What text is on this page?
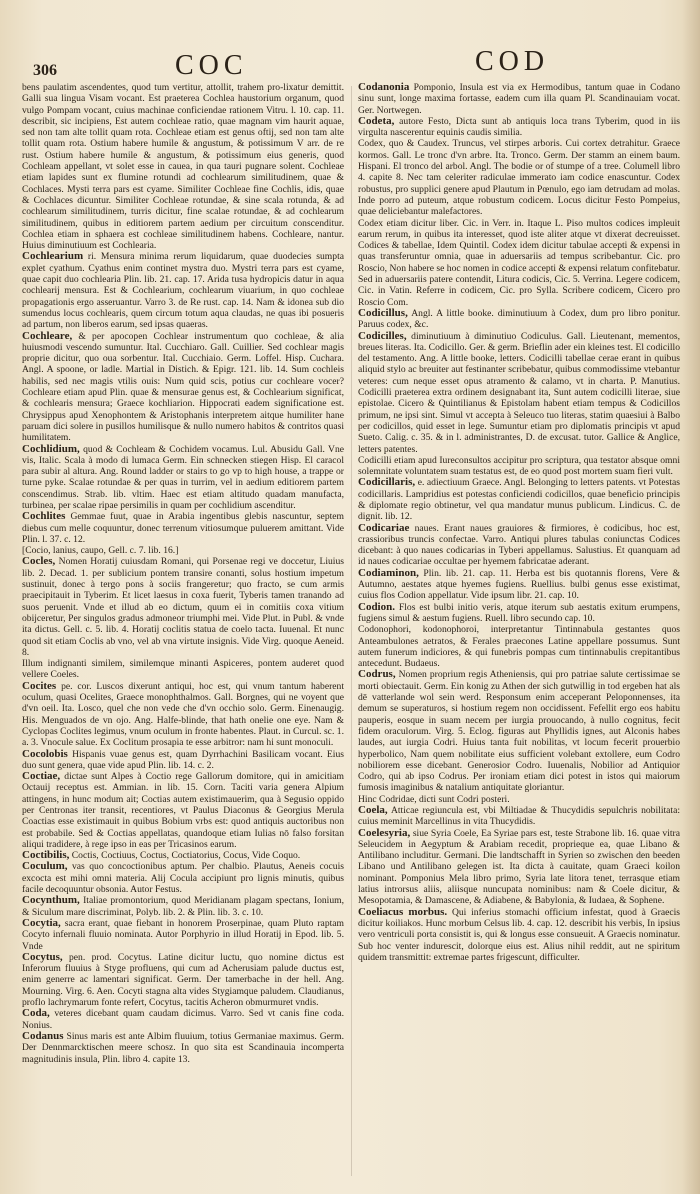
306	COC	COD
bens paulatim ascendentes, quod tum vertitur, attollit, trahem pro-lixatur demittit. Galli sua lingua Visam vocant. Est praeterea Cochlea haustorium organum, quod vulgo Pompam vocant, cuius machinae conficiendae rationem Vitru. l. 10. cap. 11. describit, sic incipiens, Est autem cochleae ratio, quae magnam vim haurit aquae, sed non tam alte tollit quam rota. Cochleae etiam est genus oftij, sed non tam alte tollit quam rota. Ostium habere humile & angustum, & potissimum V arr. de re rust. Ostium habere humile & angustum, & potissimum eius generis, quod Cochleam appellant, vt solet esse in cauea, in qua tauri pugnare solent. Cochleae etiam lapides sunt ex flumine rotundi ad cochlearum similitudinem, quae & Cochlaces. Mysti terra pars est cyame. Similiter Cochleae fine Cochlis, idis, quae & Cochlaces dicuntur. Similiter Cochleae rotundae, & sine scala rotunda, & ad cochlearum similitudinem, turris dicitur, fine scalae rotundae, & ad cochlearum similitudinem, quibus in editiorem partem aedium per circuitum conscenditur. Cochlea etiam in sphaera est cochleae similitudinem habens. Cochleare, nantur. Huius diminutiuum est Cochlearia.
Cochlearium ri. Mensura minima rerum liquidarum, quae duodecies sumpta explet cyathum. Cyathus enim continet mystra duo. Mystri terra pars est cyame, quae capit duo cochlearia Plin. lib. 21. cap. 17. Arida tusa hydropicis datur in aqua cochlearij mensura. Est & Cochlearium, cochlearum viuarium, in quo cochleae propagationis ergo asseruantur. Varro 3. de Re rust. cap. 14. Nam & idonea sub dio sumendus locus cochlearis, quem circum totum aqua claudas, ne quas ibi posueris ad partum, non liberos earum, sed ipsas quaeras.
Cochleare, & per apocopen Cochlear instrumentum quo cochleae, & alia huiusmodi vescendo sumuntur. Ital. Cucchiaro. Gall. Cuillier. Sed cochlear magis proprie dicitur, quo oua sorbentur. Ital. Cucchiaio. Germ. Loffel. Hisp. Cuchara. Angl. A spoone, or ladle. Martial in Distich. & Epigr. 121. lib. 14. Sum cochleis habilis, sed nec magis vtilis ouis: Num quid scis, potius cur cochleare vocer? Cochleare etiam apud Plin. quae & mensurae genus est, & Cochlearium significat, & cochlearis mensura; Graece kochliarion. Hippocrati eadem significatione est. Chrysippus apud Xenophontem & Aristophanis interpretem aitque humiliter hane paruam dici solere in pusillos humilisque & nullo numero habitos & contritos quasi humilitatem.
Cochlidium, quod & Cochleam & Cochidem vocamus. Lul. Abusidu Gall. Vne vis, Italic. Scala à modo di lumaca Germ. Ein schnecken stiegen Hisp. El caracol para subir al altura. Ang. Round ladder or stairs to go vp to high house, a trappe or turne pyke. Scalae rotundae & per quas in turrim, vel in aedium editiorem partem conscendimus. Strab. lib. vltim. Haec est etiam altitudo quadam manufacta, turbinea, per scalae ripae persimilis in quam per cochlidium ascenditur.
Cochlites Gemmae fuut, quae in Arabia ingentibus glebis nascuntur, septem diebus cum melle coquuntur, donec terrenum vitiosumque puluerem amittant. Vide Plin. l. 37. c. 12.
[Cocio, lanius, caupo, Gell. c. 7. lib. 16.]
Cocles, Nomen Horatij cuiusdam Romani, qui Porsenae regi ve doccetur, Liuius lib. 2. Decad. 1. per sublicium pontem transire conanti, solus hostium impetum sustinuit, donec à tergo pons à sociis frangeretur; quo fracto, se cum armis praecipitauit in Tyberim. Et licet laesus in coxa fuerit, Tyberis tamen tranando ad suos peruenit. Vnde et illud ab eo dictum, quum ei in comitiis coxa vitium obijceretur, Per singulos gradus admoneor triumphi mei. Vide Plut. in Publ. & vnde ita dictus. Gell. c. 5. lib. 4. Horatij coclitis statua de coelo tacta. Iuuenal. Et nunc quod sit etiam Coclis ab vno, vel ab vna virtute insignis. Vide Virg. quoque Aeneid. 8.
Illum indignanti similem, similemque minanti Aspiceres, pontem auderet quod vellere Coeles.
Cocites pe. cor. Luscos dixerunt antiqui, hoc est, qui vnum tantum haberent oculum, quasi Ocelites, Graece monophthalmos. Gall. Borgnes, qui ne voyent que d'vn oeil. Ita. Losco, quel che non vede che d'vn occhio solo. Germ. Einenaugig. His. Menguados de vn ojo. Ang. Halfe-blinde, that hath onelie one eye. Nam & Cyclopas Coclites legimus, vnum oculum in fronte habentes. Plaut. in Curcul. sc. 1. a. 3. Vnocule salue. Ex Coclitum prosapia te esse arbitror: nam hi sunt monoculi.
Cocolobis Hispanis vuae genus est, quam Dyrrhachini Basilicam vocant. Eius duo sunt genera, quae vide apud Plin. lib. 14. c. 2.
Coctiae, dictae sunt Alpes à Coctio rege Gallorum domitore, qui in amicitiam Octauij receptus est. Ammian. in lib. 15. Corn. Taciti varia genera Alpium attingens, in hunc modum ait; Coctias autem existimauerim, qua à Segusio oppido per Centronas iter transit, recentiores, vt Paulus Diaconus & Georgius Merula Coactias esse existimauit in quibus Bobium vrbs est: quod antiquis auctoribus non est probabile. Sed & Coctias appellatas, quandoque etiam Iulias nō falso forsitan aliqui tradidere, à rege ipso in eas per Tricasinos earum.
Coctibilis, Coctis, Coctiuus, Coctus, Coctiatorius, Cocus, Vide Coquo.
Coculum, vas quo concoctionibus aptum. Per chalbio. Plautus, Aeneis cocuis excocta est mihi omni materia. Alij Cocula accipiunt pro lignis minutis, quibus facile decoquuntur obsonia. Autor Festus.
Cocynthum, Italiae promontorium, quod Meridianam plagam spectans, Ionium, & Siculum mare discriminat, Polyb. lib. 2. & Plin. lib. 3. c. 10.
Cocytia, sacra erant, quae fiebant in honorem Proserpinae, quam Pluto raptam Cocyto infernali fluuio nominata. Autor Porphyrio in illud Horatij in Epod. lib. 5. Vnde
Cocytus, pen. prod. Cocytus. Latine dicitur luctu, quo nomine dictus est Inferorum fluuius à Styge profluens, qui cum ad Acherusiam palude ductus est, enim generre ac lamentari significat. Germ. Der tamerbache in der hell. Ang. Mourning. Virg. 6. Aen. Cocyti stagna alta vides Stygiamque paludem. Claudianus, proflo lachrymarum fonte refert, Cocytus, tacitis Acheron obmurmuret vndis.
Coda, veteres dicebant quam caudam dicimus. Varro. Sed vt canis fine coda. Nonius.
Codanus Sinus maris est ante Albim fluuium, totius Germaniae maximus. Germ. Der Dennmarcktischen meere schosz. In quo sita est Scandinauia incomperta magnitudinis insula, Plin. libro 4. capite 13.
Codanonia Pomponio, Insula est via ex Hermodibus, tantum quae in Codano sinu sunt, longe maxima fortasse, eadem cum illa quam Pl. Scandinauiam vocat. Ger. Nortwegen.
Codeta, autore Festo, Dicta sunt ab antiquis loca trans Tyberim, quod in iis virgulta nascerentur equinis caudis similia.
Codex, quo & Caudex. Truncus, vel stirpes arboris. Cui cortex detrahitur. Graece kormos. Gall. Le tronc d'vn arbre. Ita. Tronco. Germ. Der stamm an einem baum. Hispani. El tronco del arbol. Angl. The bodie or of stumpe of a tree. Columell libro 4. capite 8. Nec tam celeriter radiculae immerato iam codice enascuntur. Codex robustus, pro supplici genere apud Plautum in Pœnulo, ego iam detrudam ad molas. Inde porro ad puteum, atque robustum codicem. Locus dicitur Festo Pompeius, quae deliciebantur malefactores.
Codex etiam dicitur liber. Cic. in Verr. in. Itaque L. Piso multos codices impleuit earum rerum, in quibus ita interesset, quod iste aliter atque vt dixerat decreuisset. Codices & tabellae, Idem Quintil. Codex idem dicitur tabulae accepti & expensi in quas transferuntur omnia, quae in aduersariis ad tempus scribebantur. Cic. pro Roscio, Non habere se hoc nomen in codice accepti & expensi relatum confitebatur. Sed in aduersariis patere contendit, Litura codicis, Cic. 5. Verrina. Legere codicem, Cic. in Vatin. Referre in codicem, Cic. pro Sylla. Scribere codicem, Cicero pro Roscio Com.
Codicillus, Angl. A little booke. diminutiuum à Codex, dum pro libro ponitur. Paruus codex, &c.
Codicilles, diminutiuum à diminutiuo Codiculus. Gall. Lieutenant, mementos, breues literas. Ita. Codicillo. Ger. & germ. Brieflin ader ein kleines test. El codicillo del testamento. Ang. A little booke, letters. Codicilli tabellae cerae erant in quibus aliquid stylo ac breuiter aut festinanter scribebatur, quibus commodissime vtebantur veteres: cum neque esset opus atramento & calamo, vt in charta. P. Manutius. Codicilli praeterea extra ordinem designabant ita, Sunt autem codicilli literae, siue epistolae. Cicero & Quintilianus & Epistolam habent etiam tempus & Codicillos primum, ne ipsi sint. Simul vt accepta à Seleuco tuo literas, statim quaesiui à Balbo per codicillos, quid esset in lege. Sumuntur etiam pro diplomatis principis vt apud Sueto. Calig. c. 35. & in l. administrantes, D. de excusat. tutor. Gallice & Anglice, letters patentes.
Codicilli etiam apud Iureconsultos accipitur pro scriptura, qua testator absque omni solemnitate voluntatem suam testatus est, de eo quod post mortem suam fieri vult.
Codicillaris, e. adiectiuum Graece. Angl. Belonging to letters patents. vt Potestas codicillaris. Lampridius est potestas conficiendi codicillos, quae beneficio principis & diplomate regio obtinetur, vel qua mandatur munus publicum. Lindicus. C. de dignit. lib. 12.
Codicariae naues. Erant naues grauiores & firmiores, è codicibus, hoc est, crassioribus truncis confectae. Varro. Antiqui plures tabulas coniunctas Codices dicebant: à quo naues codicarias in Tyberi appellamus. Salustius. Et quanquam ad id naues codicariae occultae per hyemem fabricatae aderant.
Codiaminon, Plin. lib. 21. cap. 11. Herba est bis quotannis florens, Vere & Autumno, aestates atque hyemes fugiens. Ruellius. bulbi genus esse existimat, cuius flos Codion appellatur. Vide ipsum libr. 21. cap. 10.
Codion. Flos est bulbi initio veris, atque iterum sub aestatis exitum erumpens, fugiens simul & aestum fugiens. Ruell. libro secundo cap. 10.
Codonophori, kodonophoroi, interpretantur Tintinnabula gestantes quos Anteambulones aetratos, & Ferales praecones Latine appellare possumus. Sunt autem funerum indiciores, & qui funebris pompas cum tintinnabulis crepitantibus antecedunt. Budaeus.
Codrus, Nomen proprium regis Atheniensis, qui pro patriae salute certissimae se morti obiectauit. Germ. Ein konig zu Athen der sich gutwillig in tod ergeben hat als dē vatterlande wol sein werd. Responsum enim acceperant Peloponnenses, ita demum se superaturos, si hostium regem non occidissent. Fefellit ergo eos habitu pauperis, eosque in suam necem per iurgia prouocando, à nullo cognitus, fecit fidem oraculorum. Virg. 5. Eclog. figuras aut Phyllidis ignes, aut Alconis habes laudes, aut iurgia Codri. Huius tanta fuit nobilitas, vt locum fecerit prouerbio hyperbolico, Nam quem nobilitate eius sufficient volebant extollere, eum Codro nobiliorem esse dicebant. Generosior Codro. Iuuenalis, Nobilior ad Antiquior Codro, qui ab ipso Codrus. Per ironiam etiam dici potest in istos qui maiorum fumosis imaginibus & natalium antiquitate gloriantur.
Hinc Codridae, dicti sunt Codri posteri.
Coela, Atticae regiuncula est, vbi Miltiadae & Thucydidis sepulchris nobilitata: cuius meminit Marcellinus in vita Thucydidis.
Coelesyria, siue Syria Coele, Ea Syriae pars est, teste Strabone lib. 16. quae vitra Seleucidem in Aegyptum & Arabiam recedit, proprieque ea, quae Libano & Antilibano includitur. Germani. Die landtschafft in Syrien so zwischen den beeden Libano und Antilibano gelegen ist. Ita dicta à cauitate, quam Graeci koilon nominant. Pomponius Mela libro primo, Syria late litora tenet, terrasque etiam latius introrsus aliis, aliisque nuncupata nominibus: nam & Coele dicitur, & Mesopotamia, & Damascene, & Adiabene, & Babylonia, & Iudaea, & Sophene.
Coeliacus morbus. Qui inferius stomachi officium infestat, quod à Graecis dicitur koiliakos. Hunc morbum Celsus lib. 4. cap. 12. describit his verbis, In ipsius vero ventriculi porta consistit is, qui & longus esse consueuit. A Graecis nominatur. Sub hoc venter indurescit, dolorque eius est. Alius nihil reddit, aut ne spiritum quidem transmittit: extremae partes frigescunt, difficulter.
